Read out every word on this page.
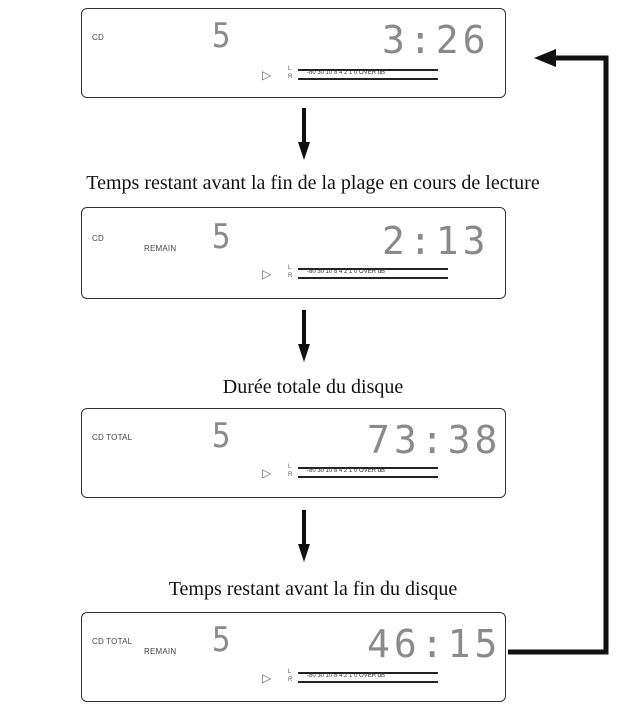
CD	5	3:26
▷	L
R
-80 30 10 8 4 2 1 0 OVER dB
Temps restant avant la fin de la plage en cours de lecture
CD
REMAIN 5	2:13
▷	L
R
-80 30 10 8 4 2 1 0 OVER dB
Durée totale du disque
CD TOTAL 5	73:38
▷	L
R
-80 30 10 8 4 2 1 0 OVER dB
Temps restant avant la fin du disque
CD TOTAL
REMAIN 5	46:15
▷	L
R
-80 30 10 8 4 2 1 0 OVER dB
